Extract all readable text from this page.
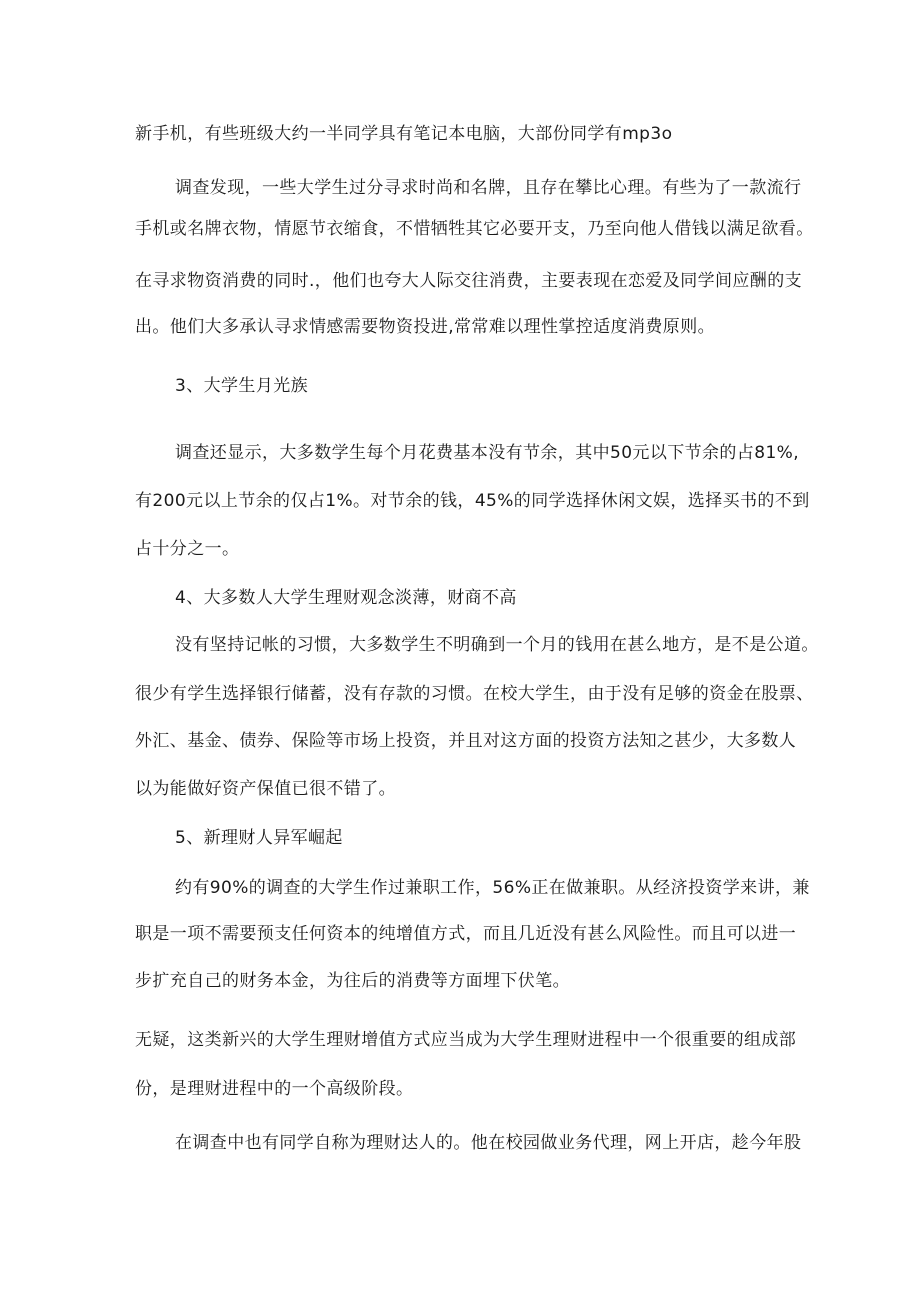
新手机，有些班级大约一半同学具有笔记本电脑，大部份同学有mp3o
调查发现，一些大学生过分寻求时尚和名牌，且存在攀比心理。有些为了一款流行
手机或名牌衣物，情愿节衣缩食，不惜牺牲其它必要开支，乃至向他人借钱以满足欲看。
在寻求物资消费的同时.，他们也夸大人际交往消费，主要表现在恋爱及同学间应酬的支
出。他们大多承认寻求情感需要物资投进,常常难以理性掌控适度消费原则。
3、大学生月光族
调查还显示，大多数学生每个月花费基本没有节余，其中50元以下节余的占81%,
有200元以上节余的仅占1%。对节余的钱，45%的同学选择休闲文娱，选择买书的不到
占十分之一。
4、大多数人大学生理财观念淡薄，财商不高
没有坚持记帐的习惯，大多数学生不明确到一个月的钱用在甚么地方，是不是公道。
很少有学生选择银行储蓄，没有存款的习惯。在校大学生，由于没有足够的资金在股票、
外汇、基金、债券、保险等市场上投资，并且对这方面的投资方法知之甚少，大多数人
以为能做好资产保值已很不错了。
5、新理财人异军崛起
约有90%的调查的大学生作过兼职工作，56%正在做兼职。从经济投资学来讲，兼
职是一项不需要预支任何资本的纯增值方式，而且几近没有甚么风险性。而且可以进一
步扩充自己的财务本金，为往后的消费等方面埋下伏笔。
无疑，这类新兴的大学生理财增值方式应当成为大学生理财进程中一个很重要的组成部
份，是理财进程中的一个高级阶段。
在调查中也有同学自称为理财达人的。他在校园做业务代理，网上开店，趁今年股
